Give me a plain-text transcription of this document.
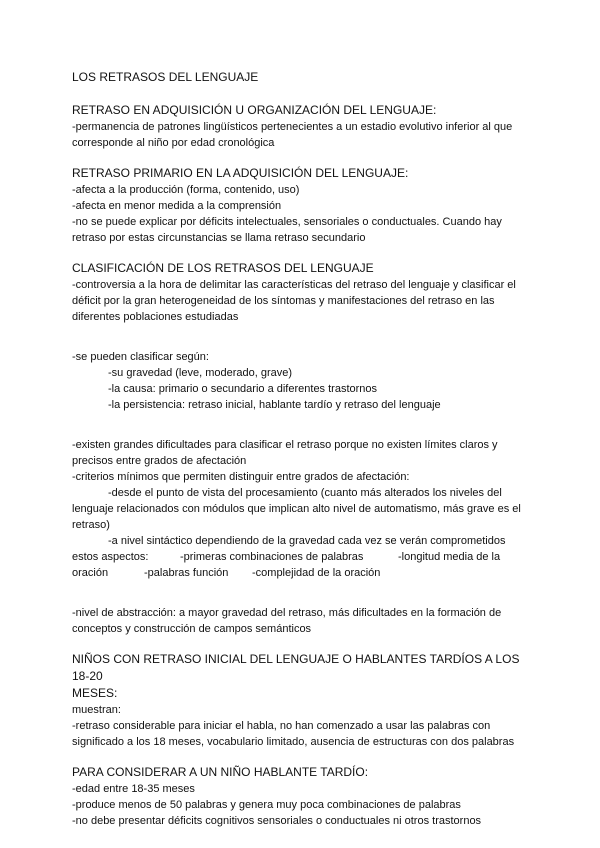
LOS RETRASOS DEL LENGUAJE

RETRASO EN ADQUISICIÓN U ORGANIZACIÓN DEL LENGUAJE:

-permanencia de patrones lingüísticos pertenecientes a un estadio evolutivo inferior al que

corresponde al niño por edad cronológica

RETRASO PRIMARIO EN LA ADQUISICIÓN DEL LENGUAJE:

-afecta a la producción (forma, contenido, uso)

-afecta en menor medida a la comprensión

-no se puede explicar por déficits intelectuales, sensoriales o conductuales. Cuando hay

retraso por estas circunstancias se llama retraso secundario

CLASIFICACIÓN DE LOS RETRASOS DEL LENGUAJE

-controversia a la hora de delimitar las características del retraso del lenguaje y clasificar el

déficit por la gran heterogeneidad de los síntomas y manifestaciones del retraso en las

diferentes poblaciones estudiadas

-se pueden clasificar según:

-su gravedad (leve, moderado, grave)

-la causa: primario o secundario a diferentes trastornos

-la persistencia: retraso inicial, hablante tardío y retraso del lenguaje

-existen grandes dificultades para clasificar el retraso porque no existen límites claros y

precisos entre grados de afectación

-criterios mínimos que permiten distinguir entre grados de afectación:

-desde el punto de vista del procesamiento (cuanto más alterados los niveles del

lenguaje relacionados con módulos que implican alto nivel de automatismo, más grave es el

retraso)

-a nivel sintáctico dependiendo de la gravedad cada vez se verán comprometidos

estos aspectos:	-primeras combinaciones de palabras	-longitud media de la

oración	-palabras función	-complejidad de la oración

-nivel de abstracción: a mayor gravedad del retraso, más dificultades en la formación de

conceptos y construcción de campos semánticos

NIÑOS CON RETRASO INICIAL DEL LENGUAJE O HABLANTES TARDÍOS A LOS 18-20

MESES:

muestran:

-retraso considerable para iniciar el habla, no han comenzado a usar las palabras con

significado a los 18 meses, vocabulario limitado, ausencia de estructuras con dos palabras

PARA CONSIDERAR A UN NIÑO HABLANTE TARDÍO:

-edad entre 18-35 meses

-produce menos de 50 palabras y genera muy poca combinaciones de palabras

-no debe presentar déficits cognitivos sensoriales o conductuales ni otros trastornos
